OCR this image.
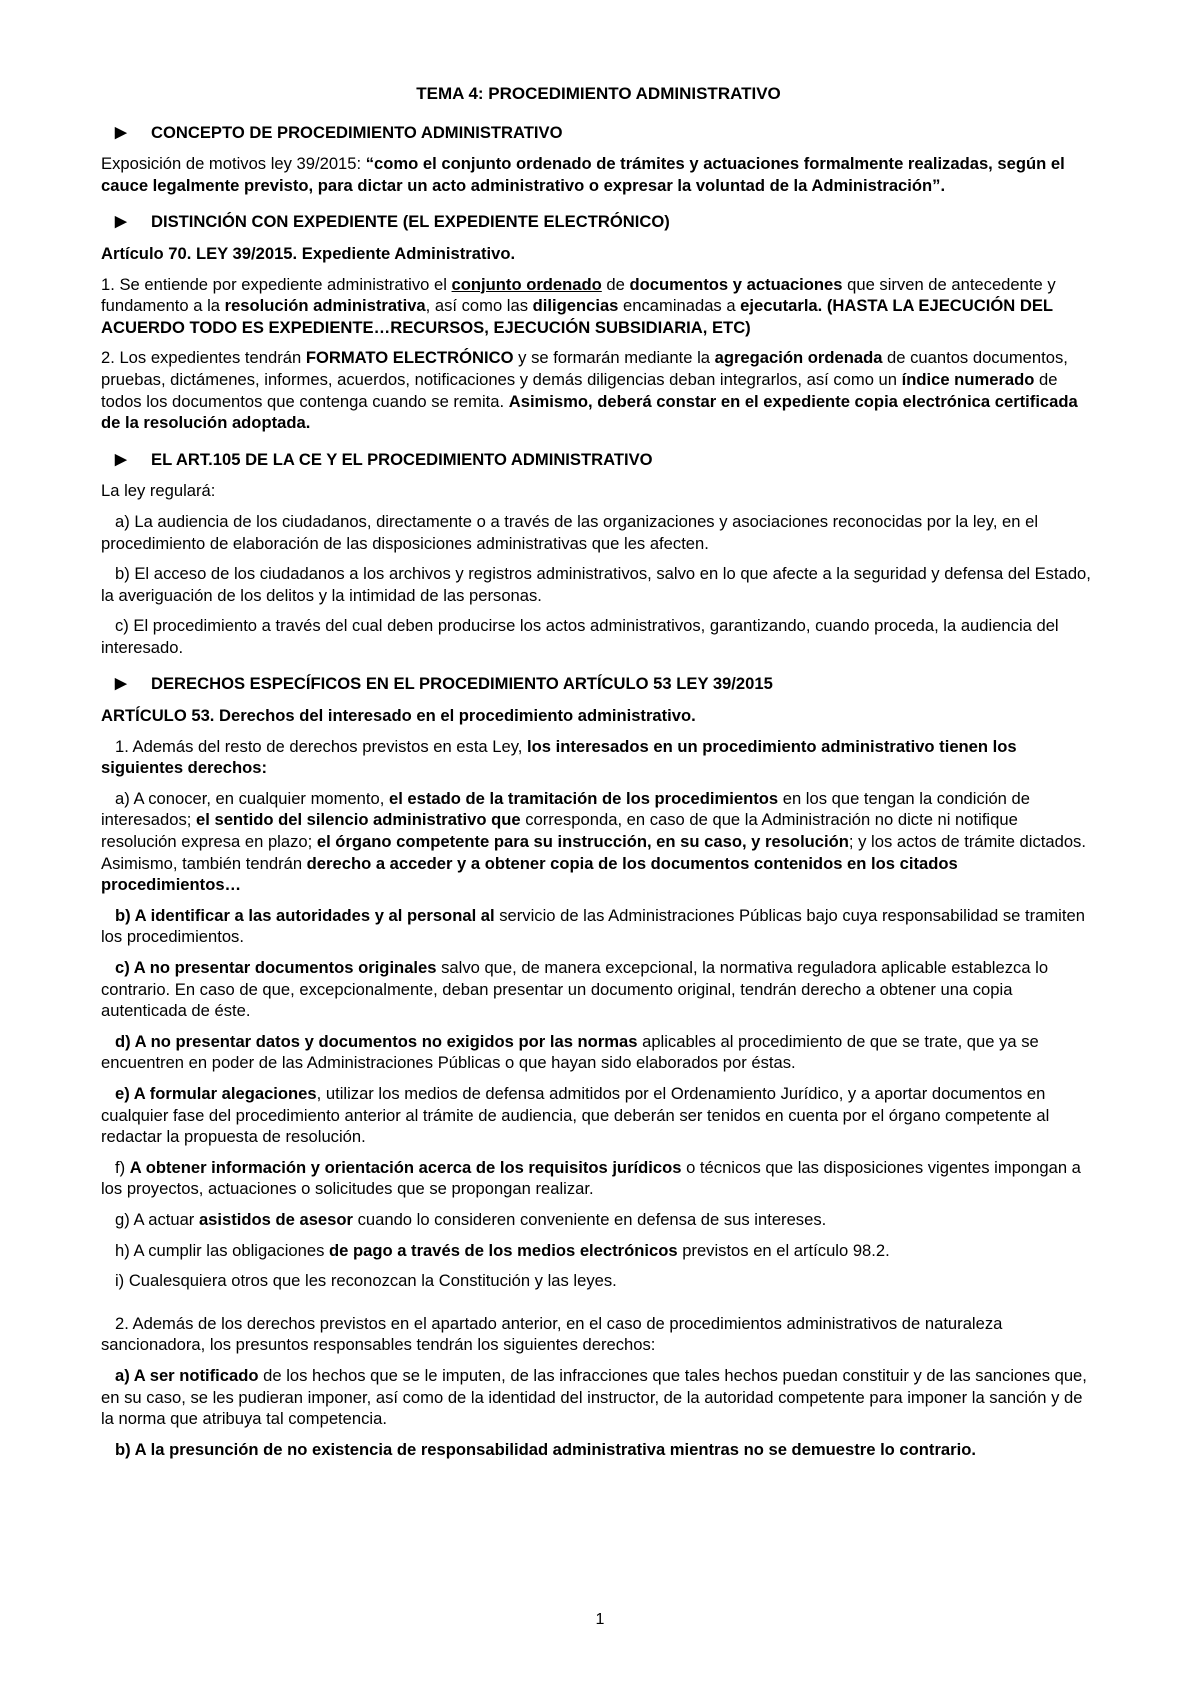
TEMA 4: PROCEDIMIENTO ADMINISTRATIVO
▶ CONCEPTO DE PROCEDIMIENTO ADMINISTRATIVO

Exposición de motivos ley 39/2015: “como el conjunto ordenado de trámites y actuaciones formalmente realizadas, según el cauce legalmente previsto, para dictar un acto administrativo o expresar la voluntad de la Administración”.

▶ DISTINCIÓN CON EXPEDIENTE (EL EXPEDIENTE ELECTRÓNICO)

Artículo 70. LEY 39/2015. Expediente Administrativo.

1. Se entiende por expediente administrativo el conjunto ordenado de documentos y actuaciones que sirven de antecedente y fundamento a la resolución administrativa, así como las diligencias encaminadas a ejecutarla. (HASTA LA EJECUCIÓN DEL ACUERDO TODO ES EXPEDIENTE…RECURSOS, EJECUCIÓN SUBSIDIARIA, ETC)

2. Los expedientes tendrán FORMATO ELECTRÓNICO y se formarán mediante la agregación ordenada de cuantos documentos, pruebas, dictámenes, informes, acuerdos, notificaciones y demás diligencias deban integrarlos, así como un índice numerado de todos los documentos que contenga cuando se remita. Asimismo, deberá constar en el expediente copia electrónica certificada de la resolución adoptada.

▶ EL ART.105 DE LA CE Y EL PROCEDIMIENTO ADMINISTRATIVO

La ley regulará:

a) La audiencia de los ciudadanos, directamente o a través de las organizaciones y asociaciones reconocidas por la ley, en el procedimiento de elaboración de las disposiciones administrativas que les afecten.

b) El acceso de los ciudadanos a los archivos y registros administrativos, salvo en lo que afecte a la seguridad y defensa del Estado, la averiguación de los delitos y la intimidad de las personas.

c) El procedimiento a través del cual deben producirse los actos administrativos, garantizando, cuando proceda, la audiencia del interesado.

▶ DERECHOS ESPECÍFICOS EN EL PROCEDIMIENTO ARTÍCULO 53 LEY 39/2015

ARTÍCULO 53. Derechos del interesado en el procedimiento administrativo.

1. Además del resto de derechos previstos en esta Ley, los interesados en un procedimiento administrativo tienen los siguientes derechos:

a) A conocer, en cualquier momento, el estado de la tramitación de los procedimientos en los que tengan la condición de interesados; el sentido del silencio administrativo que corresponda, en caso de que la Administración no dicte ni notifique resolución expresa en plazo; el órgano competente para su instrucción, en su caso, y resolución; y los actos de trámite dictados. Asimismo, también tendrán derecho a acceder y a obtener copia de los documentos contenidos en los citados procedimientos…

b) A identificar a las autoridades y al personal al servicio de las Administraciones Públicas bajo cuya responsabilidad se tramiten los procedimientos.

c) A no presentar documentos originales salvo que, de manera excepcional, la normativa reguladora aplicable establezca lo contrario. En caso de que, excepcionalmente, deban presentar un documento original, tendrán derecho a obtener una copia autenticada de éste.

d) A no presentar datos y documentos no exigidos por las normas aplicables al procedimiento de que se trate, que ya se encuentren en poder de las Administraciones Públicas o que hayan sido elaborados por éstas.

e) A formular alegaciones, utilizar los medios de defensa admitidos por el Ordenamiento Jurídico, y a aportar documentos en cualquier fase del procedimiento anterior al trámite de audiencia, que deberán ser tenidos en cuenta por el órgano competente al redactar la propuesta de resolución.

f) A obtener información y orientación acerca de los requisitos jurídicos o técnicos que las disposiciones vigentes impongan a los proyectos, actuaciones o solicitudes que se propongan realizar.

g) A actuar asistidos de asesor cuando lo consideren conveniente en defensa de sus intereses.

h) A cumplir las obligaciones de pago a través de los medios electrónicos previstos en el artículo 98.2.

i) Cualesquiera otros que les reconozcan la Constitución y las leyes.

2. Además de los derechos previstos en el apartado anterior, en el caso de procedimientos administrativos de naturaleza sancionadora, los presuntos responsables tendrán los siguientes derechos:

a) A ser notificado de los hechos que se le imputen, de las infracciones que tales hechos puedan constituir y de las sanciones que, en su caso, se les pudieran imponer, así como de la identidad del instructor, de la autoridad competente para imponer la sanción y de la norma que atribuya tal competencia.

b) A la presunción de no existencia de responsabilidad administrativa mientras no se demuestre lo contrario.

1
